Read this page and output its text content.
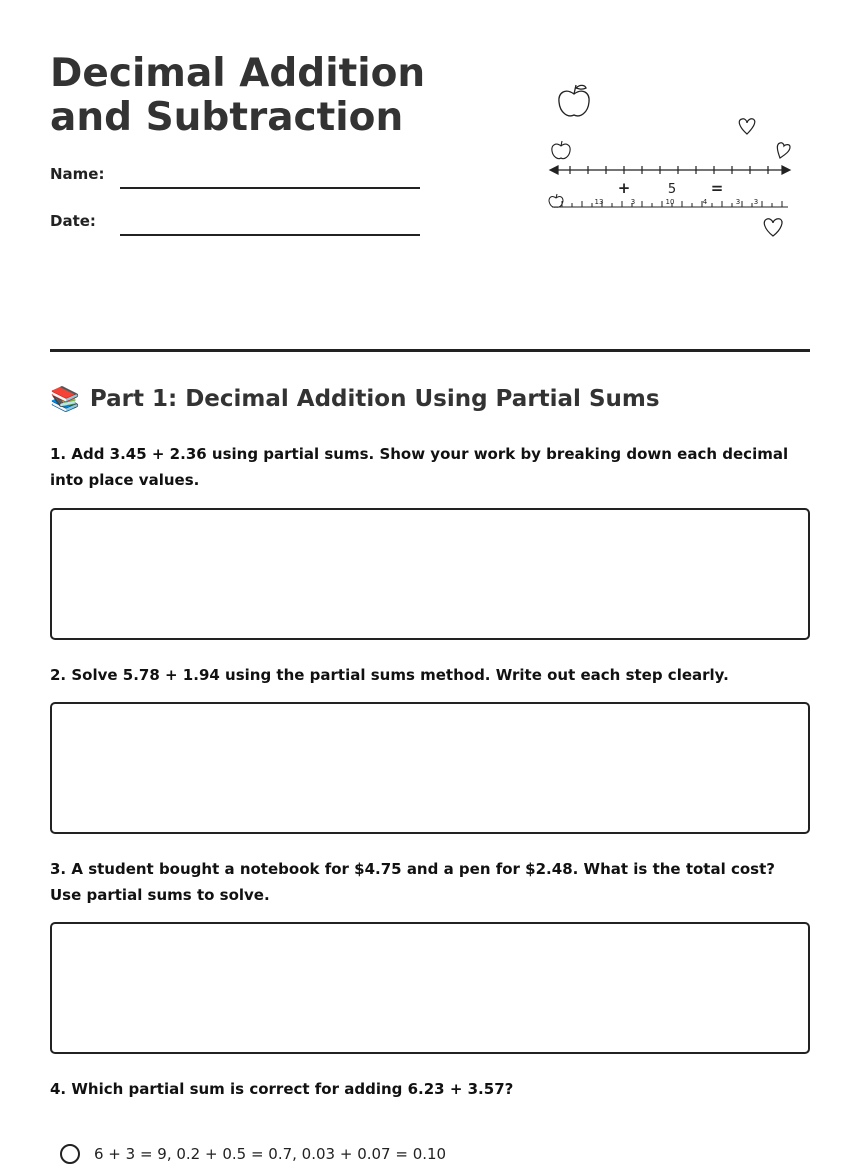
Decimal Addition and Subtraction
Name:
Date:
+	5 =
13	3	10	4	3 3
📚 Part 1: Decimal Addition Using Partial Sums

1. Add 3.45 + 2.36 using partial sums. Show your work by breaking down each decimal into place values.

2. Solve 5.78 + 1.94 using the partial sums method. Write out each step clearly.

3. A student bought a notebook for $4.75 and a pen for $2.48. What is the total cost? Use partial sums to solve.

4. Which partial sum is correct for adding 6.23 + 3.57?

6 + 3 = 9, 0.2 + 0.5 = 0.7, 0.03 + 0.07 = 0.10
